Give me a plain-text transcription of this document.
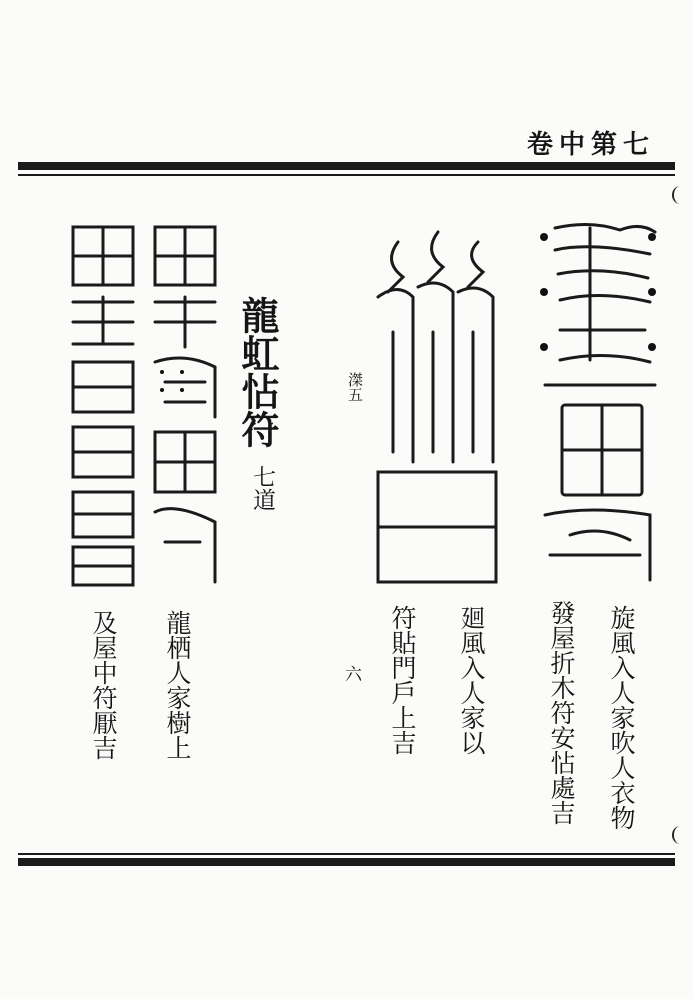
卷中第七
旋風入人家吹人衣物
發屋折木符安怗處吉
滐五
廻風入人家以
符貼門戶上吉
六
龍虹怗符
七道
龍栖人家樹上
及屋中符厭吉
